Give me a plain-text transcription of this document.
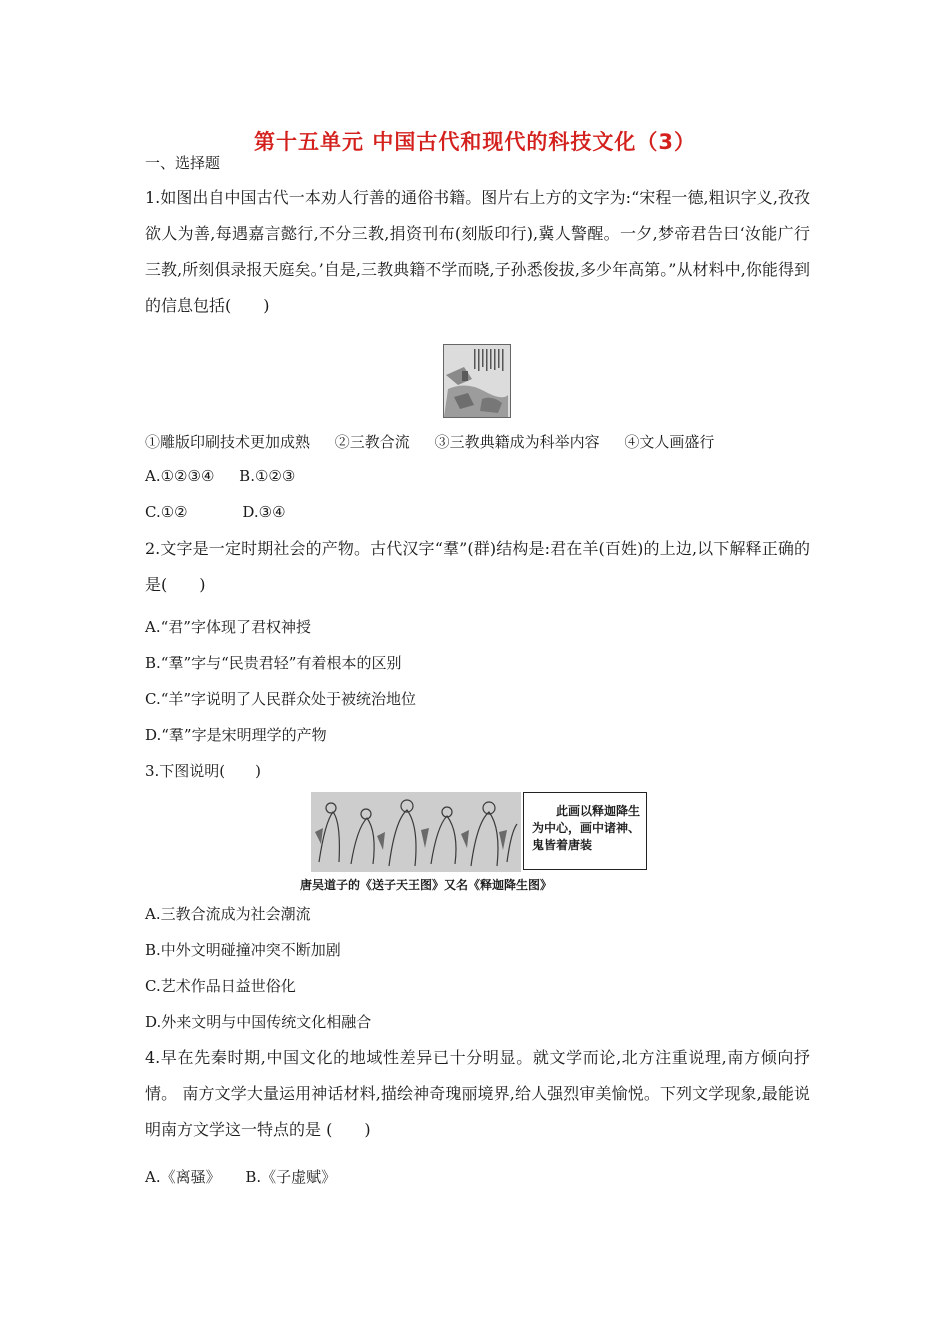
第十五单元 中国古代和现代的科技文化（3）
一、选择题
1.如图出自中国古代一本劝人行善的通俗书籍。图片右上方的文字为:“宋程一德,粗识字义,孜孜欲人为善,每遇嘉言懿行,不分三教,捐资刊布(刻版印行),冀人警醒。一夕,梦帝君告曰‘汝能广行三教,所刻俱录报天庭矣。’自是,三教典籍不学而晓,子孙悉俊拔,多少年高第。”从材料中,你能得到的信息包括(　　)
①雕版印刷技术更加成熟 ②三教合流 ③三教典籍成为科举内容 ④文人画盛行
A.①②③④ B.①②③
C.①②	D.③④
2.文字是一定时期社会的产物。古代汉字“羣”(群)结构是:君在羊(百姓)的上边,以下解释正确的是(　　)
A.“君”字体现了君权神授
B.“羣”字与“民贵君轻”有着根本的区别
C.“羊”字说明了人民群众处于被统治地位
D.“羣”字是宋明理学的产物
3.下图说明(　　)
此画以释迦降生为中心，画中诸神、鬼皆着唐装
唐吴道子的《送子天王图》又名《释迦降生图》
A.三教合流成为社会潮流
B.中外文明碰撞冲突不断加剧
C.艺术作品日益世俗化
D.外来文明与中国传统文化相融合
4.早在先秦时期,中国文化的地域性差异已十分明显。就文学而论,北方注重说理,南方倾向抒情。 南方文学大量运用神话材料,描绘神奇瑰丽境界,给人强烈审美愉悦。下列文学现象,最能说明南方文学这一特点的是 (　　)
A.《离骚》 B.《子虚赋》
